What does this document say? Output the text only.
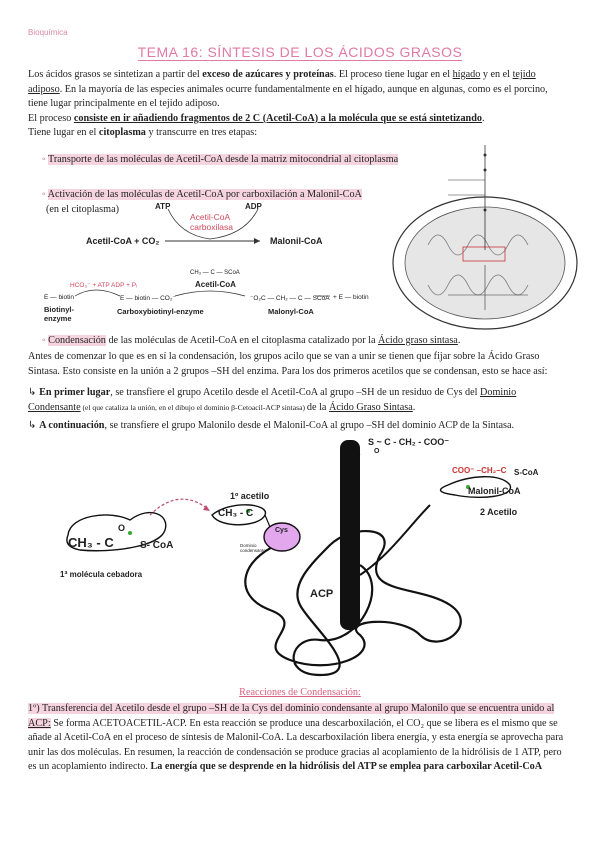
Bioquímica
TEMA 16: SÍNTESIS DE LOS ÁCIDOS GRASOS
Los ácidos grasos se sintetizan a partir del exceso de azúcares y proteínas. El proceso tiene lugar en el hígado y en el tejido
adiposo. En la mayoría de las especies animales ocurre fundamentalmente en el hígado, aunque en algunas, como es el porcino,
tiene lugar principalmente en el tejido adiposo.
El proceso consiste en ir añadiendo fragmentos de 2 C (Acetil-CoA) a la molécula que se está sintetizando.
Tiene lugar en el citoplasma y transcurre en tres etapas:
◦ Transporte de las moléculas de Acetil-CoA desde la matriz mitocondrial al citoplasma
◦ Activación de las moléculas de Acetil-CoA por carboxilación a Malonil-CoA
(en el citoplasma)	ATP	ADP
Acetil-CoA
carboxilasa
Acetil-CoA + CO₂	Malonil-CoA
CH₃ — C — SCoA
Acetil-CoA
HCO₃⁻ + ATP ADP + Pᵢ
E — biotin
Biotinyl-
enzyme
E — biotin — CO₂⁻
Carboxybiotinyl-enzyme
⁻O₂C — CH₂ — C — SCoA
Malonyl-CoA
+ E — biotin
◦ Condensación de las moléculas de Acetil-CoA en el citoplasma catalizado por la Ácido graso sintasa.
Antes de comenzar lo que es en sí la condensación, los grupos acilo que se van a unir se tienen que fijar sobre la Ácido Graso
Sintasa. Esto consiste en la unión a 2 grupos –SH del enzima. Para los dos primeros acetilos que se condensan, esto se hace así:
↳ En primer lugar, se transfiere el grupo Acetilo desde el Acetil-CoA al grupo –SH de un residuo de Cys del Dominio
Condensante (el que cataliza la unión, en el dibujo el dominio β-Cetoacil-ACP sintasa) de la Ácido Graso Sintasa.
↳ A continuación, se transfiere el grupo Malonilo desde el Malonil-CoA al grupo –SH del dominio ACP de la Sintasa.
S ~ C - CH₂ - COO⁻
O
COO⁻ –CH₂–C S-CoA
Malonil-CoA
2 Acetilo
1º acetilo
CH₃ - C
CH₃ - C
O
S- CoA
1ª molécula cebadora
Cys
Dominio condensante
ACP
Reacciones de Condensación:
1º) Transferencia del Acetilo desde el grupo –SH de la Cys del dominio condensante al grupo Malonilo que se encuentra unido al
ACP: Se forma ACETOACETIL-ACP. En esta reacción se produce una descarboxilación, el CO₂ que se libera es el mismo que se
añade al Acetil-CoA en el proceso de síntesis de Malonil-CoA. La descarboxilación libera energía, y esta energía se aprovecha para
unir las dos moléculas. En resumen, la reacción de condensación se produce gracias al acoplamiento de la hidrólisis de 1 ATP, pero
es un acoplamiento indirecto. La energía que se desprende en la hidrólisis del ATP se emplea para carboxilar Acetil-CoA
